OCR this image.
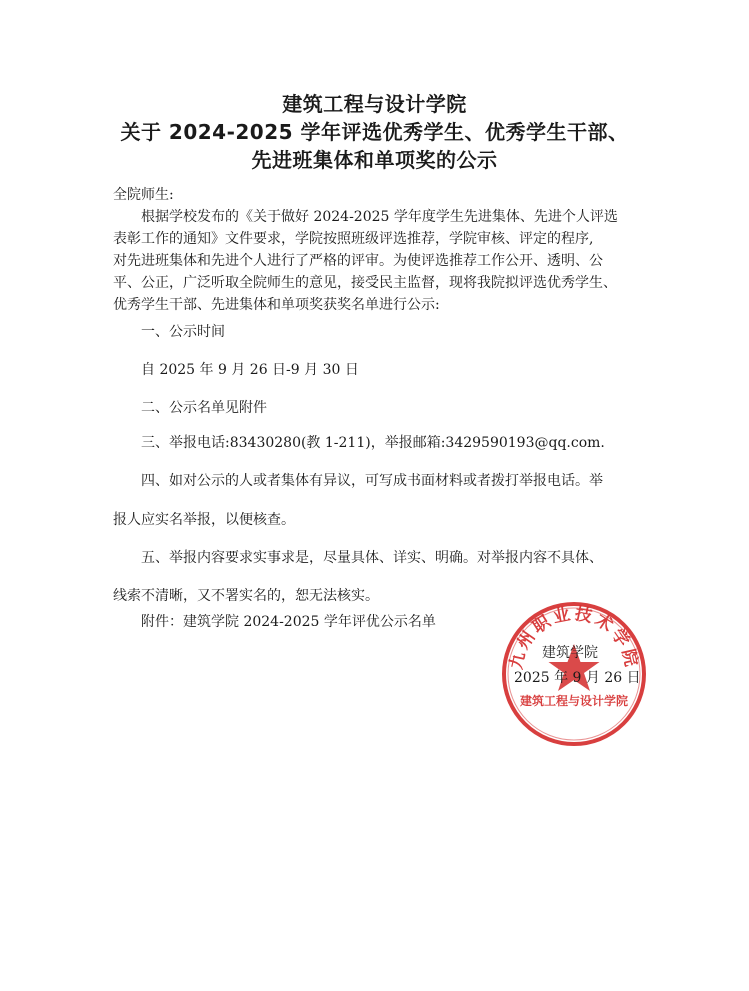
建筑工程与设计学院
关于 2024-2025 学年评选优秀学生、优秀学生干部、
先进班集体和单项奖的公示
全院师生:
根据学校发布的《关于做好 2024-2025 学年度学生先进集体、先进个人评选
表彰工作的通知》文件要求，学院按照班级评选推荐，学院审核、评定的程序,
对先进班集体和先进个人进行了严格的评审。为使评选推荐工作公开、透明、公
平、公正，广泛听取全院师生的意见，接受民主监督，现将我院拟评选优秀学生、
优秀学生干部、先进集体和单项奖获奖名单进行公示:
一、公示时间
自 2025 年 9 月 26 日-9 月 30 日
二、公示名单见附件
三、举报电话:83430280(教 1-211)，举报邮箱:3429590193@qq.com.
四、如对公示的人或者集体有异议，可写成书面材料或者拨打举报电话。举
报人应实名举报，以便核查。
五、举报内容要求实事求是，尽量具体、详实、明确。对举报内容不具体、
线索不清晰，又不署实名的，恕无法核实。
附件：建筑学院 2024-2025 学年评优公示名单
九州职业技术学院
建筑工程与设计学院
建筑学院
2025 年 9 月 26 日
